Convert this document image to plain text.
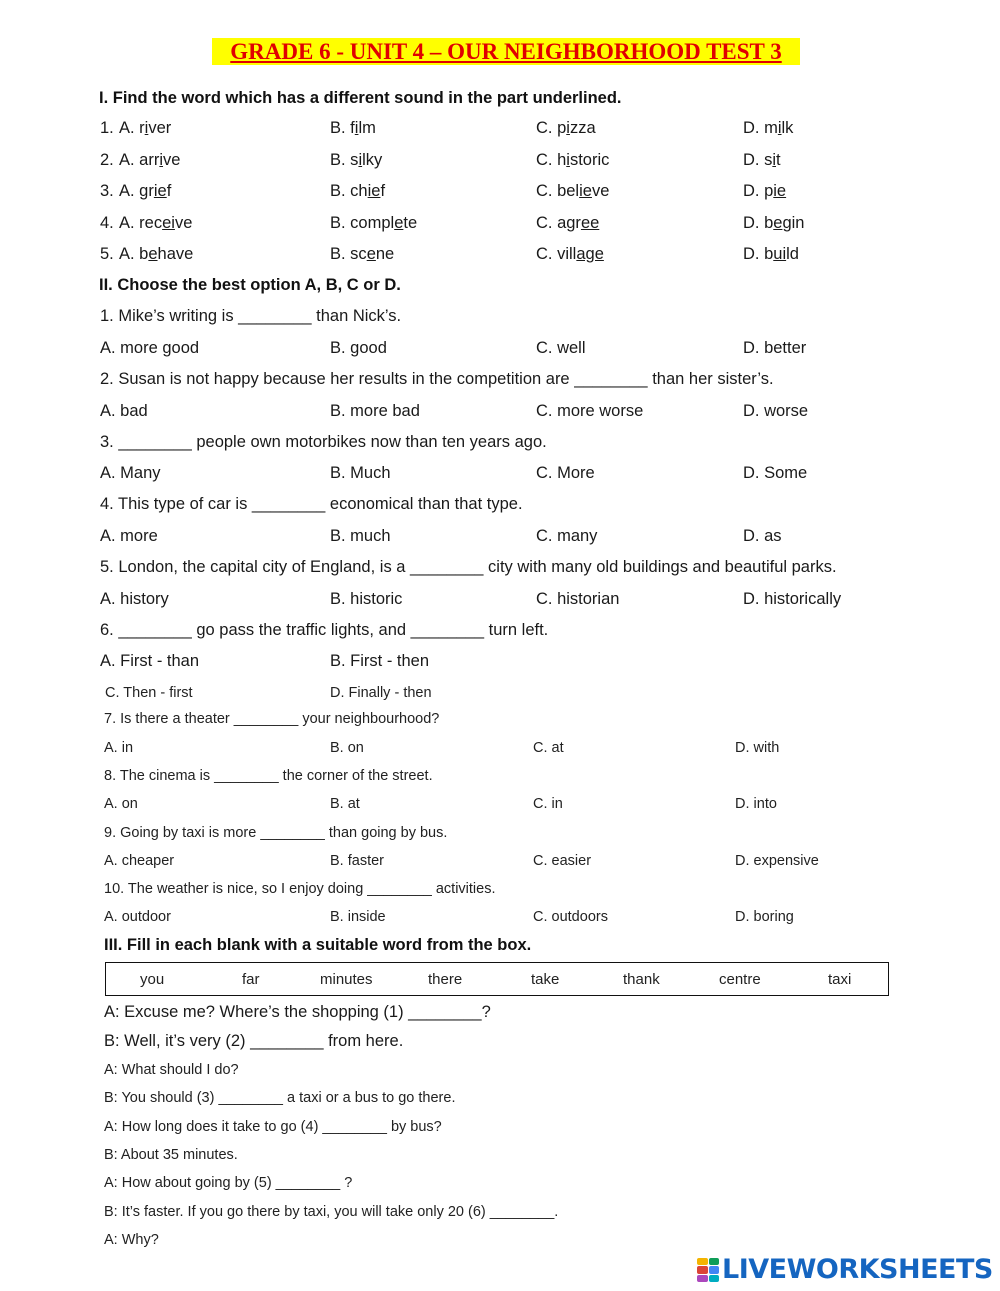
GRADE 6 - UNIT 4 – OUR NEIGHBORHOOD TEST 3
I. Find the word which has a different sound in the part underlined.
1. A. river	B. film	C. pizza	D. milk
2. A. arrive	B. silky	C. historic	D. sit
3. A. grief	B. chief	C. believe	D. pie
4. A. receive	B. complete	C. agree	D. begin
5. A. behave	B. scene	C. village	D. build
II. Choose the best option A, B, C or D.
1. Mike’s writing is ________ than Nick’s.
A. more good	B. good	C. well	D. better
2. Susan is not happy because her results in the competition are ________ than her sister’s.
A. bad	B. more bad	C. more worse	D. worse
3. ________ people own motorbikes now than ten years ago.
A. Many	B. Much	C. More	D. Some
4. This type of car is ________ economical than that type.
A. more	B. much	C. many	D. as
5. London, the capital city of England, is a ________ city with many old buildings and beautiful parks.
A. history	B. historic	C. historian	D. historically
6. ________ go pass the traffic lights, and ________ turn left.
A. First - than	B. First - then
C. Then - first	D. Finally - then
7. Is there a theater ________ your neighbourhood?
A. in	B. on	C. at	D. with
8. The cinema is ________ the corner of the street.
A. on	B. at	C. in	D. into
9. Going by taxi is more ________ than going by bus.
A. cheaper	B. faster	C. easier	D. expensive
10. The weather is nice, so I enjoy doing ________ activities.
A. outdoor	B. inside	C. outdoors	D. boring
III. Fill in each blank with a suitable word from the box.
you	far	minutes	there	take	thank	centre	taxi
A: Excuse me? Where’s the shopping (1) ________?
B: Well, it’s very (2) ________ from here.
A: What should I do?
B: You should (3) ________ a taxi or a bus to go there.
A: How long does it take to go (4) ________ by bus?
B: About 35 minutes.
A: How about going by (5) ________ ?
B: It’s faster. If you go there by taxi, you will take only 20 (6) ________.
A: Why?
LIVEWORKSHEETS
